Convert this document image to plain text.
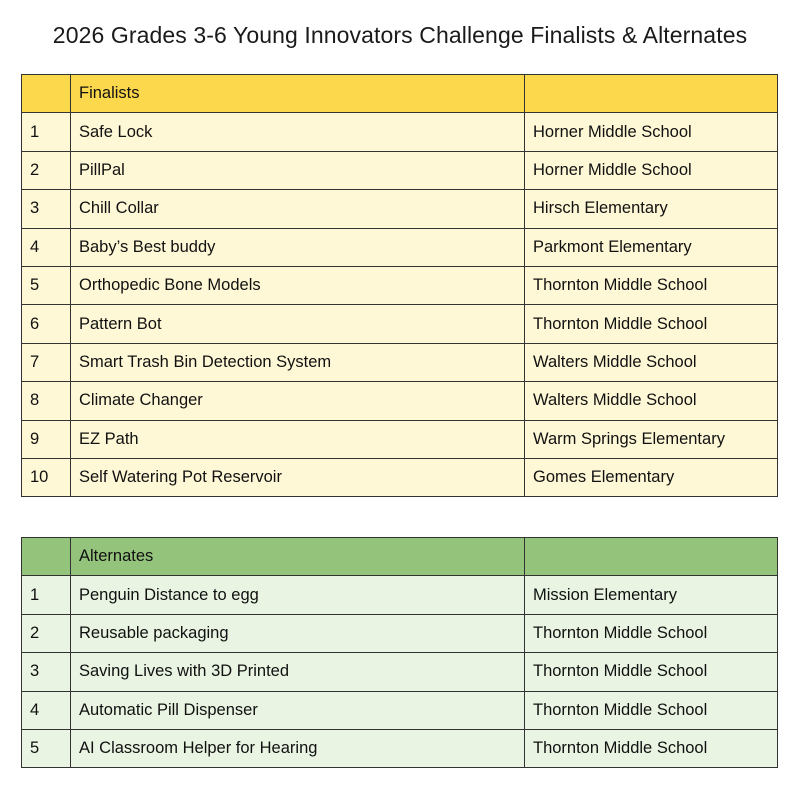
2026 Grades 3-6 Young Innovators Challenge Finalists & Alternates
	Finalists	
1	Safe Lock	Horner Middle School
2	PillPal	Horner Middle School
3	Chill Collar	Hirsch Elementary
4	Baby’s Best buddy	Parkmont Elementary
5	Orthopedic Bone Models	Thornton Middle School
6	Pattern Bot	Thornton Middle School
7	Smart Trash Bin Detection System	Walters Middle School
8	Climate Changer	Walters Middle School
9	EZ Path	Warm Springs Elementary
10	Self Watering Pot Reservoir	Gomes Elementary
	Alternates	
1	Penguin Distance to egg	Mission Elementary
2	Reusable packaging	Thornton Middle School
3	Saving Lives with 3D Printed	Thornton Middle School
4	Automatic Pill Dispenser	Thornton Middle School
5	AI Classroom Helper for Hearing	Thornton Middle School
